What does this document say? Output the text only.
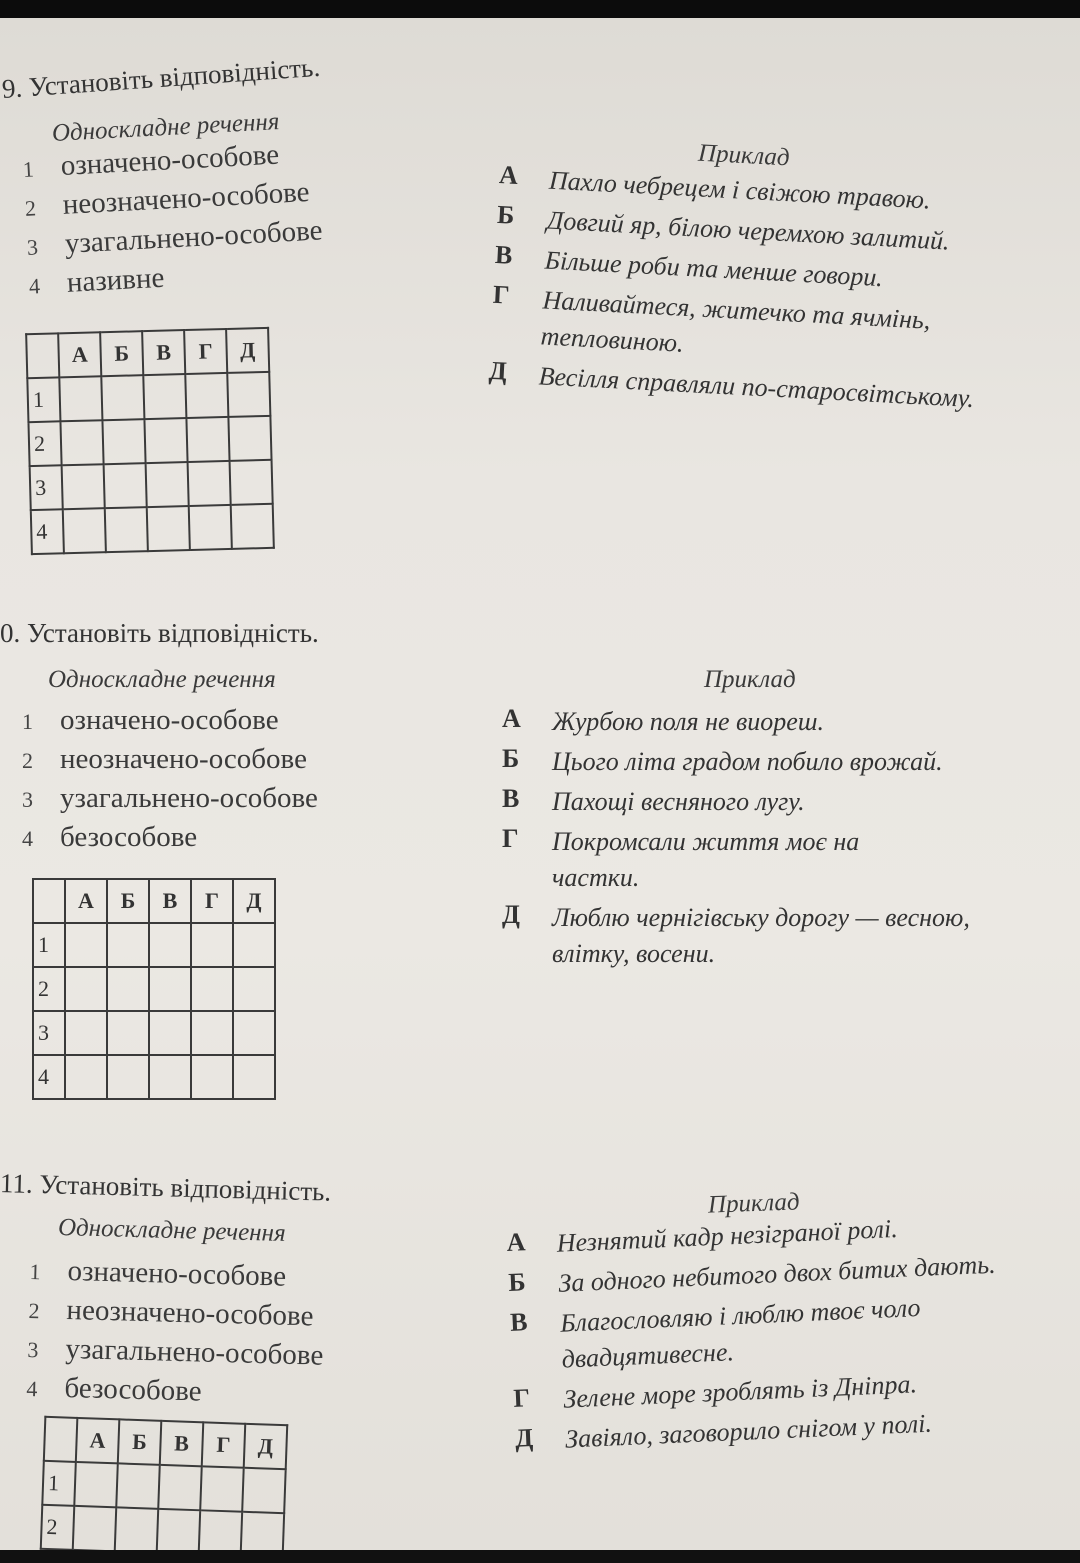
9. Установіть відповідність.
Односкладне речення
1 означено-особове
2 неозначено-особове
3 узагальнено-особове
4 називне
	А	Б	В	Г	Д
1					
2					
3					
4					
Приклад
А	Пахло чебрецем і свіжою травою.
Б	Довгий яр, білою черемхою залитий.
В	Більше роби та менше говори.
Г	Наливайтеся, житечко та ячмінь, тепловиною.
Д	Весілля справляли по-старосвітському.
0. Установіть відповідність.
Односкладне речення
1 означено-особове
2 неозначено-особове
3 узагальнено-особове
4 безособове
	А	Б	В	Г	Д
1					
2					
3					
4					
Приклад
А	Журбою поля не виореш.
Б	Цього літа градом побило врожай.
В	Пахощі весняного лугу.
Г	Покромсали життя моє на частки.
Д	Люблю чернігівську дорогу — весною, влітку, восени.
11. Установіть відповідність.
Односкладне речення
1 означено-особове
2 неозначено-особове
3 узагальнено-особове
4 безособове
	А	Б	В	Г	Д
1					
2					
Приклад
А	Незнятий кадр незіграної ролі.
Б	За одного небитого двох битих дають.
В	Благословляю і люблю твоє чоло двадцятивесне.
Г	Зелене море зроблять із Дніпра.
Д	Завіяло, заговорило снігом у полі.
